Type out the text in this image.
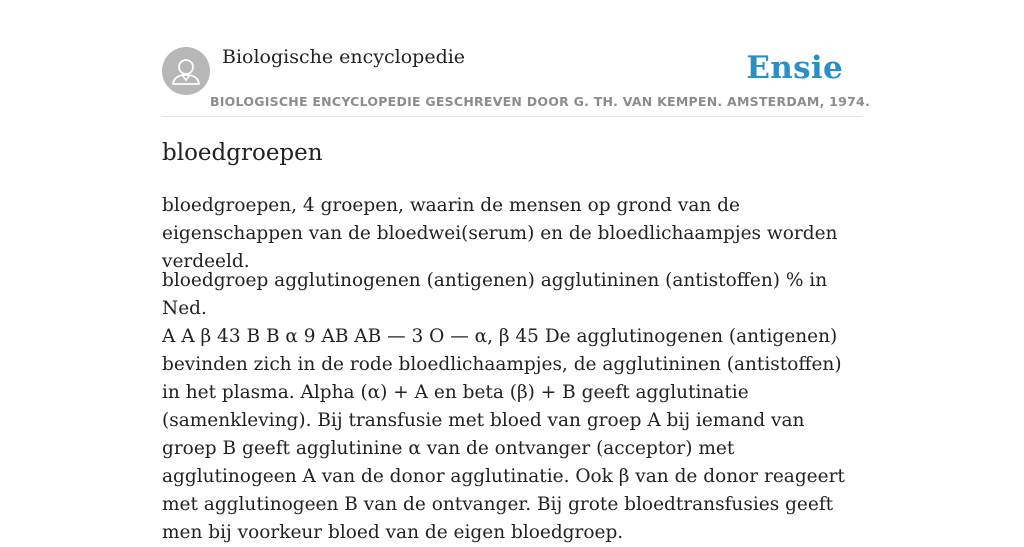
Biologische encyclopedie	Ensie
BIOLOGISCHE ENCYCLOPEDIE GESCHREVEN DOOR G. TH. VAN KEMPEN. AMSTERDAM, 1974.
bloedgroepen

bloedgroepen, 4 groepen, waarin de mensen op grond van de eigenschappen van de bloedwei(serum) en de bloedlichaampjes worden verdeeld.

bloedgroep agglutinogenen (antigenen) agglutininen (antistoffen) % in Ned.

A A β 43 B B α 9 AB AB — 3 O — α, β 45 De agglutinogenen (antigenen) bevinden zich in de rode bloedlichaampjes, de agglutininen (antistoffen) in het plasma. Alpha (α) + A en beta (β) + B geeft agglutinatie (samenkleving). Bij transfusie met bloed van groep A bij iemand van groep B geeft agglutinine α van de ontvanger (acceptor) met agglutinogeen A van de donor agglutinatie. Ook β van de donor reageert met agglutinogeen B van de ontvanger. Bij grote bloedtransfusies geeft men bij voorkeur bloed van de eigen bloedgroep.
